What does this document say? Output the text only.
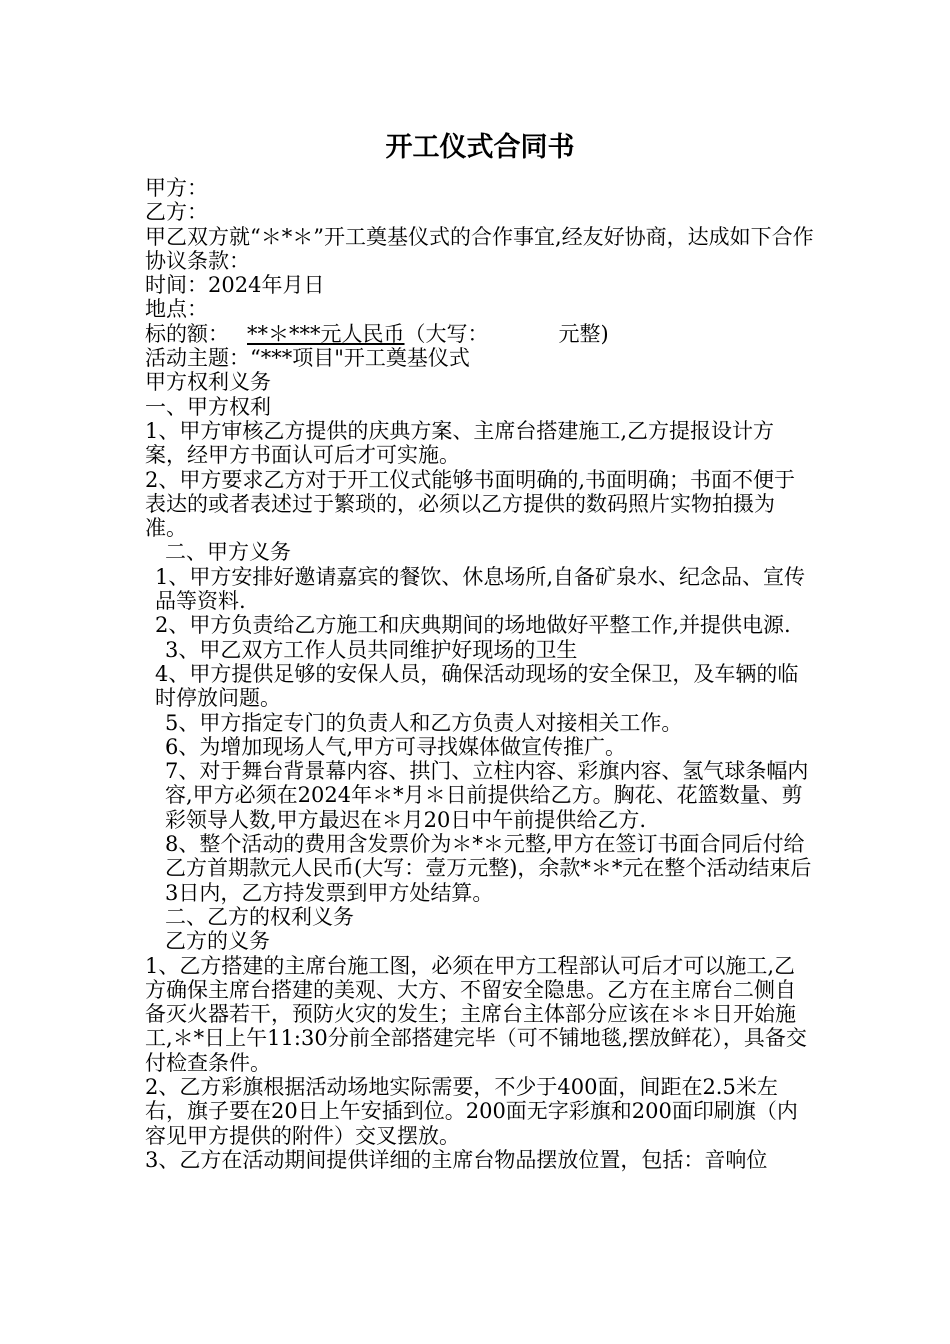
开工仪式合同书

甲方：

乙方：

甲乙双方就“＊*＊”开工奠基仪式的合作事宜,经友好协商，达成如下合作协议条款：

时间：2024年月日

地点：

标的额： **＊***元人民币（大写：	元整)

活动主题：“***项目"开工奠基仪式

甲方权利义务

一、甲方权利

1、甲方审核乙方提供的庆典方案、主席台搭建施工,乙方提报设计方案，经甲方书面认可后才可实施。

2、甲方要求乙方对于开工仪式能够书面明确的,书面明确；书面不便于表达的或者表述过于繁琐的，必须以乙方提供的数码照片实物拍摄为准。

二、甲方义务

1、甲方安排好邀请嘉宾的餐饮、休息场所,自备矿泉水、纪念品、宣传品等资料.

2、甲方负责给乙方施工和庆典期间的场地做好平整工作,并提供电源.

3、甲乙双方工作人员共同维护好现场的卫生

4、甲方提供足够的安保人员，确保活动现场的安全保卫，及车辆的临时停放问题。

5、甲方指定专门的负责人和乙方负责人对接相关工作。

6、为增加现场人气,甲方可寻找媒体做宣传推广。

7、对于舞台背景幕内容、拱门、立柱内容、彩旗内容、氢气球条幅内容,甲方必须在2024年＊*月＊日前提供给乙方。胸花、花篮数量、剪彩领导人数,甲方最迟在＊月20日中午前提供给乙方.

8、整个活动的费用含发票价为＊*＊元整,甲方在签订书面合同后付给乙方首期款元人民币(大写：壹万元整)，余款*＊*元在整个活动结束后3日内，乙方持发票到甲方处结算。

二、乙方的权利义务

乙方的义务

1、乙方搭建的主席台施工图，必须在甲方工程部认可后才可以施工,乙方确保主席台搭建的美观、大方、不留安全隐患。乙方在主席台二侧自备灭火器若干，预防火灾的发生；主席台主体部分应该在＊＊日开始施工,＊*日上午11:30分前全部搭建完毕（可不铺地毯,摆放鲜花），具备交付检查条件。

2、乙方彩旗根据活动场地实际需要，不少于400面，间距在2.5米左右，旗子要在20日上午安插到位。200面无字彩旗和200面印刷旗（内容见甲方提供的附件）交叉摆放。

3、乙方在活动期间提供详细的主席台物品摆放位置，包括：音响位
